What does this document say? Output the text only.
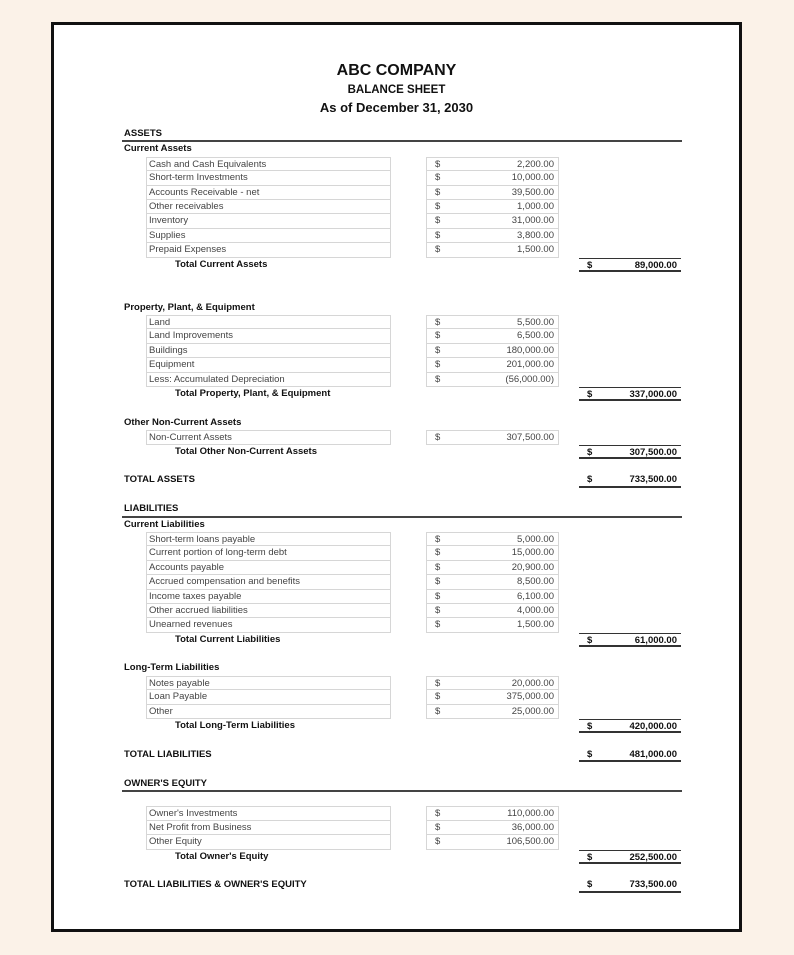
ABC COMPANY
BALANCE SHEET
As of December 31, 2030
ASSETS
Current Assets
Cash and Cash Equivalents	$	2,200.00
Short-term Investments	$	10,000.00
Accounts Receivable - net	$	39,500.00
Other receivables	$	1,000.00
Inventory	$	31,000.00
Supplies	$	3,800.00
Prepaid Expenses	$	1,500.00
Total Current Assets	$	89,000.00
Property, Plant, & Equipment
Land	$	5,500.00
Land Improvements	$	6,500.00
Buildings	$	180,000.00
Equipment	$	201,000.00
Less: Accumulated Depreciation	$	(56,000.00)
Total Property, Plant, & Equipment	$	337,000.00
Other Non-Current Assets
Non-Current Assets	$	307,500.00
Total Other Non-Current Assets	$	307,500.00
TOTAL ASSETS	$	733,500.00
LIABILITIES
Current Liabilities
Short-term loans payable	$	5,000.00
Current portion of long-term debt	$	15,000.00
Accounts payable	$	20,900.00
Accrued compensation and benefits	$	8,500.00
Income taxes payable	$	6,100.00
Other accrued liabilities	$	4,000.00
Unearned revenues	$	1,500.00
Total Current Liabilities	$	61,000.00
Long-Term Liabilities
Notes payable	$	20,000.00
Loan Payable	$	375,000.00
Other	$	25,000.00
Total Long-Term Liabilities	$	420,000.00
TOTAL LIABILITIES	$	481,000.00
OWNER'S EQUITY
Owner's Investments	$	110,000.00
Net Profit from Business	$	36,000.00
Other Equity	$	106,500.00
Total Owner's Equity	$	252,500.00
TOTAL LIABILITIES & OWNER'S EQUITY	$	733,500.00
